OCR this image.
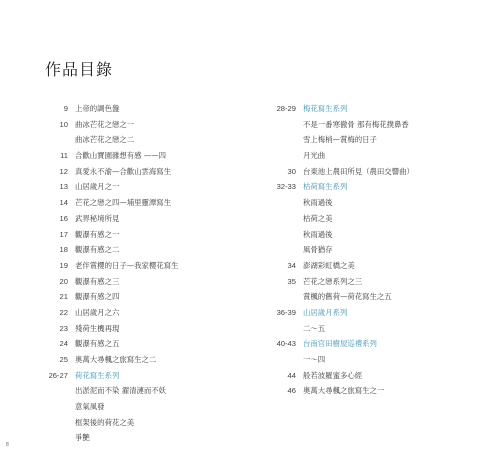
作品目錄
9 上帝的調色盤
10 曲冰芒花之戀之一
曲冰芒花之戀之二
11 合歡山寶園雜想有感 ——四
12 真愛永不渝—合歡山雲海寫生
13 山居歲月之一
14 芒花之戀之四—埔里靈潭寫生
16 武界秘境所見
17 觀瀑有感之一
18 觀瀑有感之二
19 老伴賞櫻的日子—我家櫻花寫生
20 觀瀑有感之三
21 觀瀑有感之四
22 山居歲月之六
23 殘荷生機再現
24 觀瀑有感之五
25 奧萬大尋楓之旅寫生之二
26-27 荷花寫生系列
出淤泥而不染 濯清漣而不妖
意氣風發
框架後的荷花之美
爭艷
28-29 梅花寫生系列
不是一番寒徹骨 那有梅花撲鼻香
雪上梅梢—賞梅的日子
月光曲
30 台東池上農田所見（農田交響曲）
32-33 枯荷寫生系列
秋雨過後
枯荷之美
秋雨過後
風骨猶存
34 澎湖彩虹橋之美
35 芒花之戀系列之三
賞楓的舊荷—荷花寫生之五
36-39 山居歲月系列
二～五
40-43 台南官田樹屋巡禮系列
一～四
44 般若波羅蜜多心經
46 奧萬大尋楓之旅寫生之一
8
